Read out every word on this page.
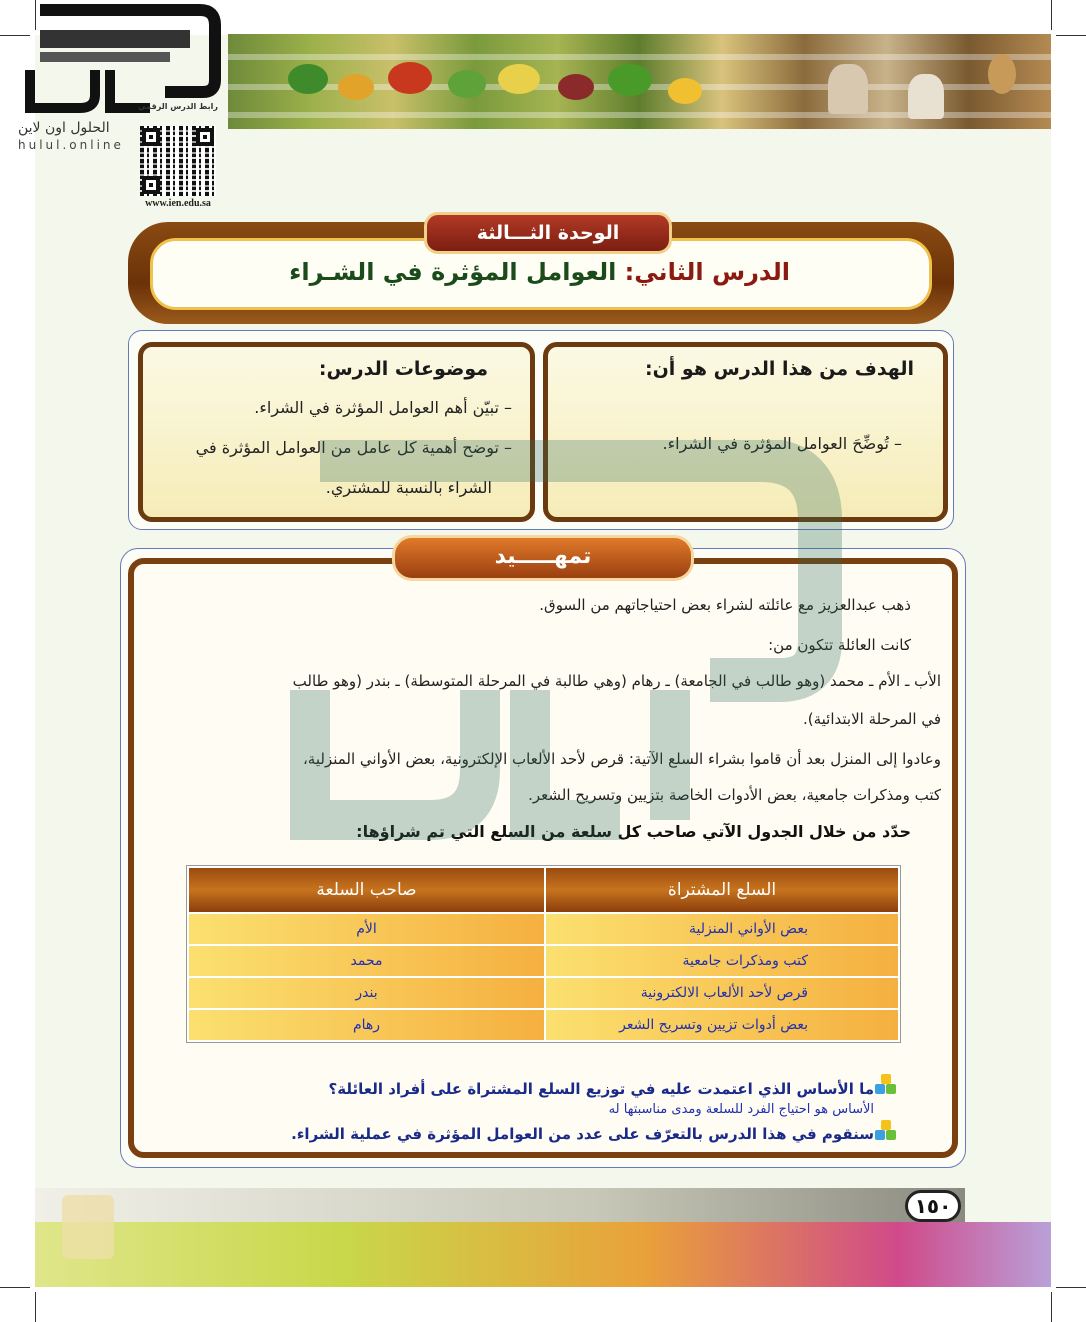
الحلول اون لاين
hulul.online
رابط الدرس الرقمي
www.ien.edu.sa
الوحدة الثـــالثة
الدرس الثاني: العوامل المؤثرة في الشـراء
الهدف من هذا الدرس هو أن:
– تُوضِّحَ العوامل المؤثرة في الشراء.
موضوعات الدرس:
– تبيّن أهم العوامل المؤثرة في الشراء.
– توضح أهمية كل عامل من العوامل المؤثرة في
الشراء بالنسبة للمشتري.
تمهـــــيد
ذهب عبدالعزيز مع عائلته لشراء بعض احتياجاتهم من السوق.
كانت العائلة تتكون من:
الأب ـ الأم ـ محمد (وهو طالب في الجامعة) ـ رهام (وهي طالبة في المرحلة المتوسطة) ـ بندر (وهو طالب
في المرحلة الابتدائية).
وعادوا إلى المنزل بعد أن قاموا بشراء السلع الآتية: قرص لأحد الألعاب الإلكترونية، بعض الأواني المنزلية،
كتب ومذكرات جامعية، بعض الأدوات الخاصة بتزيين وتسريح الشعر.
حدّد من خلال الجدول الآتي صاحب كل سلعة من السلع التي تم شراؤها:
السلع المشتراة	صاحب السلعة
بعض الأواني المنزلية	الأم
كتب ومذكرات جامعية	محمد
قرص لأحد الألعاب الالكترونية	بندر
بعض أدوات تزيين وتسريح الشعر	رهام
ما الأساس الذي اعتمدت عليه في توزيع السلع المشتراة على أفراد العائلة؟
الأساس هو احتياج الفرد للسلعة ومدى مناسبتها له
سنقوم في هذا الدرس بالتعرّف على عدد من العوامل المؤثرة في عملية الشراء.
١٥٠
